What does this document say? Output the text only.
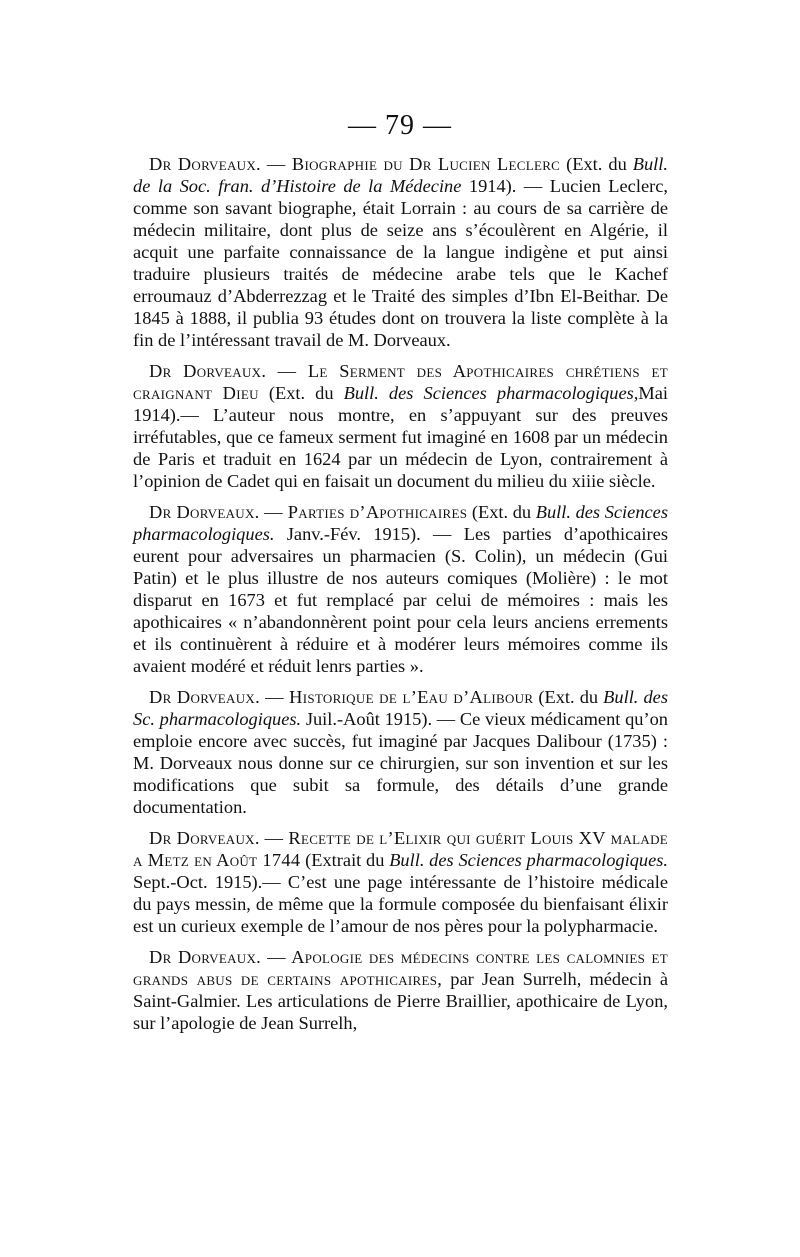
— 79 —

Dr Dorveaux. — Biographie du Dr Lucien Leclerc (Ext. du Bull. de la Soc. fran. d’Histoire de la Médecine 1914). — Lucien Leclerc, comme son savant biographe, était Lorrain : au cours de sa carrière de médecin militaire, dont plus de seize ans s’écoulèrent en Algérie, il acquit une parfaite connaissance de la langue indigène et put ainsi traduire plusieurs traités de médecine arabe tels que le Kachef erroumauz d’Abderrezzag et le Traité des simples d’Ibn El-Beithar. De 1845 à 1888, il publia 93 études dont on trouvera la liste complète à la fin de l’intéressant travail de M. Dorveaux.

Dr Dorveaux. — Le Serment des Apothicaires chrétiens et craignant Dieu (Ext. du Bull. des Sciences pharmacologiques,Mai 1914).— L’auteur nous montre, en s’appuyant sur des preuves irréfutables, que ce fameux serment fut imaginé en 1608 par un médecin de Paris et traduit en 1624 par un médecin de Lyon, contrairement à l’opinion de Cadet qui en faisait un document du milieu du xiiie siècle.

Dr Dorveaux. — Parties d’Apothicaires (Ext. du Bull. des Sciences pharmacologiques. Janv.-Fév. 1915). — Les parties d’apothicaires eurent pour adversaires un pharmacien (S. Colin), un médecin (Gui Patin) et le plus illustre de nos auteurs comiques (Molière) : le mot disparut en 1673 et fut remplacé par celui de mémoires : mais les apothicaires « n’abandonnèrent point pour cela leurs anciens errements et ils continuèrent à réduire et à modérer leurs mémoires comme ils avaient modéré et réduit lenrs parties ».

Dr Dorveaux. — Historique de l’Eau d’Alibour (Ext. du Bull. des Sc. pharmacologiques. Juil.-Août 1915). — Ce vieux médicament qu’on emploie encore avec succès, fut imaginé par Jacques Dalibour (1735) : M. Dorveaux nous donne sur ce chirurgien, sur son invention et sur les modifications que subit sa formule, des détails d’une grande documentation.

Dr Dorveaux. — Recette de l’Elixir qui guérit Louis XV malade a Metz en Août 1744 (Extrait du Bull. des Sciences pharmacologiques. Sept.-Oct. 1915).— C’est une page intéressante de l’histoire médicale du pays messin, de même que la formule composée du bienfaisant élixir est un curieux exemple de l’amour de nos pères pour la polypharmacie.

Dr Dorveaux. — Apologie des médecins contre les calomnies et grands abus de certains apothicaires, par Jean Surrelh, médecin à Saint-Galmier. Les articulations de Pierre Braillier, apothicaire de Lyon, sur l’apologie de Jean Surrelh,
